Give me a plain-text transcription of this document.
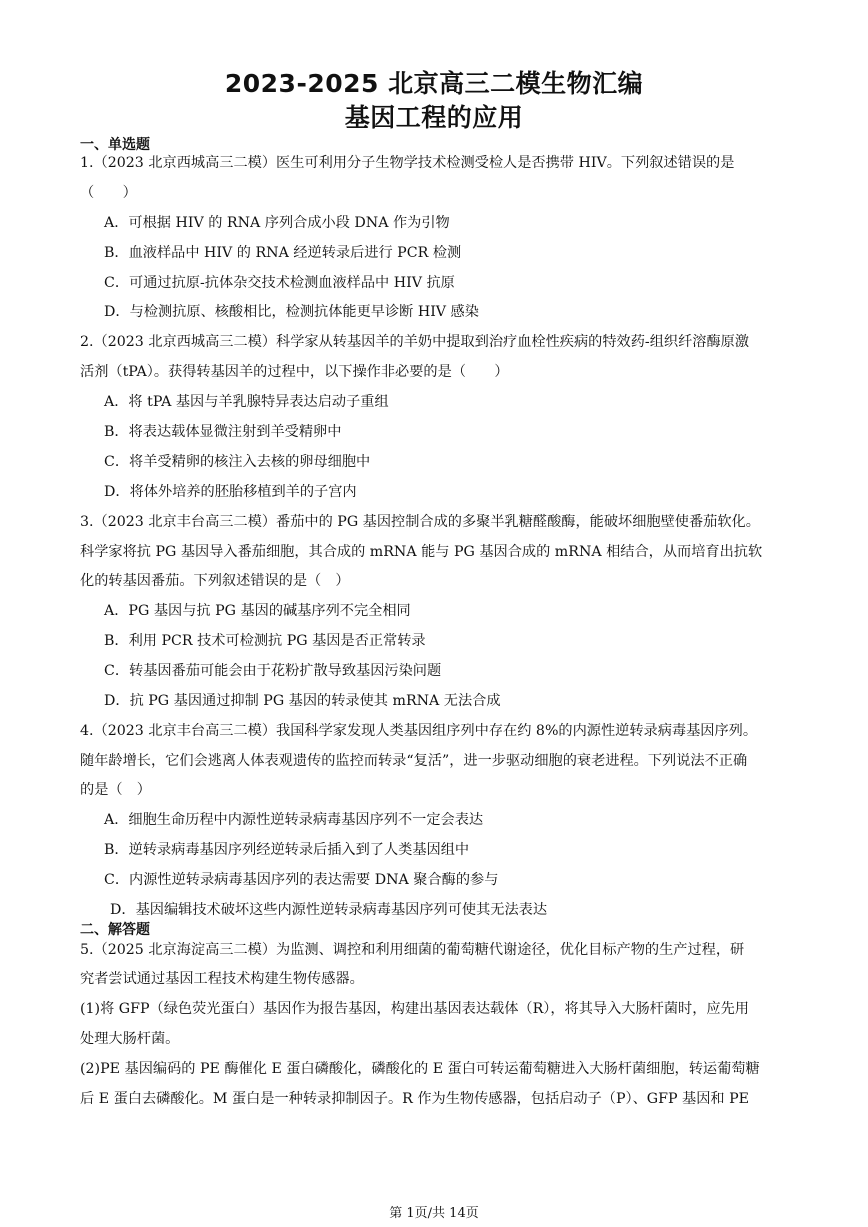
2023-2025 北京高三二模生物汇编
基因工程的应用
一、单选题
1.（2023 北京西城高三二模）医生可利用分子生物学技术检测受检人是否携带 HIV。下列叙述错误的是
（　　）
A．可根据 HIV 的 RNA 序列合成小段 DNA 作为引物
B．血液样品中 HIV 的 RNA 经逆转录后进行 PCR 检测
C．可通过抗原-抗体杂交技术检测血液样品中 HIV 抗原
D．与检测抗原、核酸相比，检测抗体能更早诊断 HIV 感染
2.（2023 北京西城高三二模）科学家从转基因羊的羊奶中提取到治疗血栓性疾病的特效药-组织纤溶酶原激
活剂（tPA）。获得转基因羊的过程中，以下操作非必要的是（　　）
A．将 tPA 基因与羊乳腺特异表达启动子重组
B．将表达载体显微注射到羊受精卵中
C．将羊受精卵的核注入去核的卵母细胞中
D．将体外培养的胚胎移植到羊的子宫内
3.（2023 北京丰台高三二模）番茄中的 PG 基因控制合成的多聚半乳糖醛酸酶，能破坏细胞壁使番茄软化。
科学家将抗 PG 基因导入番茄细胞，其合成的 mRNA 能与 PG 基因合成的 mRNA 相结合，从而培育出抗软
化的转基因番茄。下列叙述错误的是（　）
A．PG 基因与抗 PG 基因的碱基序列不完全相同
B．利用 PCR 技术可检测抗 PG 基因是否正常转录
C．转基因番茄可能会由于花粉扩散导致基因污染问题
D．抗 PG 基因通过抑制 PG 基因的转录使其 mRNA 无法合成
4.（2023 北京丰台高三二模）我国科学家发现人类基因组序列中存在约 8%的内源性逆转录病毒基因序列。
随年龄增长，它们会逃离人体表观遗传的监控而转录“复活”，进一步驱动细胞的衰老进程。下列说法不正确
的是（　）
A．细胞生命历程中内源性逆转录病毒基因序列不一定会表达
B．逆转录病毒基因序列经逆转录后插入到了人类基因组中
C．内源性逆转录病毒基因序列的表达需要 DNA 聚合酶的参与
D．基因编辑技术破坏这些内源性逆转录病毒基因序列可使其无法表达
二、解答题
5.（2025 北京海淀高三二模）为监测、调控和利用细菌的葡萄糖代谢途径，优化目标产物的生产过程，研
究者尝试通过基因工程技术构建生物传感器。
(1)将 GFP（绿色荧光蛋白）基因作为报告基因，构建出基因表达载体（R），将其导入大肠杆菌时，应先用
处理大肠杆菌。
(2)PE 基因编码的 PE 酶催化 E 蛋白磷酸化，磷酸化的 E 蛋白可转运葡萄糖进入大肠杆菌细胞，转运葡萄糖
后 E 蛋白去磷酸化。M 蛋白是一种转录抑制因子。R 作为生物传感器，包括启动子（P）、GFP 基因和 PE
第 1页/共 14页
